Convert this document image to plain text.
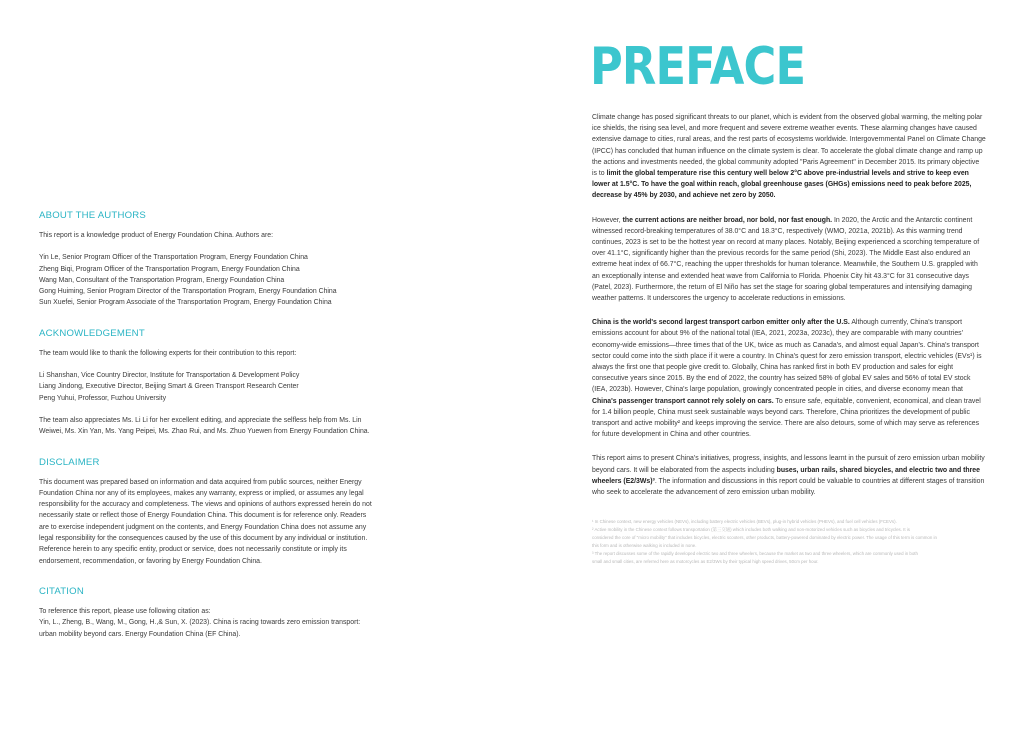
ABOUT THE AUTHORS

This report is a knowledge product of Energy Foundation China. Authors are:

Yin Le, Senior Program Officer of the Transportation Program, Energy Foundation China

Zheng Biqi, Program Officer of the Transportation Program, Energy Foundation China

Wang Man, Consultant of the Transportation Program, Energy Foundation China

Gong Huiming, Senior Program Director of the Transportation Program, Energy Foundation China

Sun Xuefei, Senior Program Associate of the Transportation Program, Energy Foundation China

ACKNOWLEDGEMENT

The team would like to thank the following experts for their contribution to this report:

Li Shanshan, Vice Country Director, Institute for Transportation & Development Policy

Liang Jindong, Executive Director, Beijing Smart & Green Transport Research Center

Peng Yuhui, Professor, Fuzhou University

The team also appreciates Ms. Li Li for her excellent editing, and appreciate the selfless help from Ms. Lin

Weiwei, Ms. Xin Yan, Ms. Yang Peipei, Ms. Zhao Rui, and Ms. Zhuo Yuewen from Energy Foundation China.

DISCLAIMER

This document was prepared based on information and data acquired from public sources, neither Energy

Foundation China nor any of its employees, makes any warranty, express or implied, or assumes any legal

responsibility for the accuracy and completeness. The views and opinions of authors expressed herein do not

necessarily state or reflect those of Energy Foundation China. This document is for reference only. Readers

are to exercise independent judgment on the contents, and Energy Foundation China does not assume any

legal responsibility for the consequences caused by the use of this document by any individual or institution.

Reference herein to any specific entity, product or service, does not necessarily constitute or imply its

endorsement, recommendation, or favoring by Energy Foundation China.

CITATION

To reference this report, please use following citation as:

Yin, L., Zheng, B., Wang, M., Gong, H.,& Sun, X. (2023). China is racing towards zero emission transport:

urban mobility beyond cars. Energy Foundation China (EF China).

PREFACE

Climate change has posed significant threats to our planet, which is evident from the observed global warming, the melting polar ice shields, the rising sea level, and more frequent and severe extreme weather events. These alarming changes have caused extensive damage to cities, rural areas, and the rest parts of ecosystems worldwide. Intergovernmental Panel on Climate Change (IPCC) has concluded that human influence on the climate system is clear. To accelerate the global climate change and ramp up the actions and investments needed, the global community adopted "Paris Agreement" in December 2015. Its primary objective is to limit the global temperature rise this century well below 2°C above pre-industrial levels and strive to keep even lower at 1.5°C. To have the goal within reach, global greenhouse gases (GHGs) emissions need to peak before 2025, decrease by 45% by 2030, and achieve net zero by 2050.

However, the current actions are neither broad, nor bold, nor fast enough. In 2020, the Arctic and the Antarctic continent witnessed record-breaking temperatures of 38.0°C and 18.3°C, respectively (WMO, 2021a, 2021b). As this warming trend continues, 2023 is set to be the hottest year on record at many places. Notably, Beijing experienced a scorching temperature of over 41.1°C, significantly higher than the previous records for the same period (Shi, 2023). The Middle East also endured an extreme heat index of 66.7°C, reaching the upper thresholds for human tolerance. Meanwhile, the Southern U.S. grappled with an exceptionally intense and extended heat wave from California to Florida. Phoenix City hit 43.3°C for 31 consecutive days (Patel, 2023). Furthermore, the return of El Niño has set the stage for soaring global temperatures and intensifying damaging weather patterns. It underscores the urgency to accelerate reductions in emissions.

China is the world's second largest transport carbon emitter only after the U.S. Although currently, China's transport emissions account for about 9% of the national total (IEA, 2021, 2023a, 2023c), they are comparable with many countries' economy-wide emissions—three times that of the UK, twice as much as Canada's, and almost equal Japan's. China's transport sector could come into the sixth place if it were a country. In China's quest for zero emission transport, electric vehicles (EVs¹) is always the first one that people give credit to. Globally, China has ranked first in both EV production and sales for eight consecutive years since 2015. By the end of 2022, the country has seized 58% of global EV sales and 56% of total EV stock (IEA, 2023b). However, China's large population, growingly concentrated people in cities, and diverse economy mean that China's passenger transport cannot rely solely on cars. To ensure safe, equitable, convenient, economical, and clean travel for 1.4 billion people, China must seek sustainable ways beyond cars. Therefore, China prioritizes the development of public transport and active mobility² and keeps improving the service. There are also detours, some of which may serve as references for future development in China and other countries.

This report aims to present China's initiatives, progress, insights, and lessons learnt in the pursuit of zero emission urban mobility beyond cars. It will be elaborated from the aspects including buses, urban rails, shared bicycles, and electric two and three wheelers (E2/3Ws)³. The information and discussions in this report could be valuable to countries at different stages of transition who seek to accelerate the advancement of zero emission urban mobility.

¹ In Chinese context, new energy vehicles (NEVs), including battery electric vehicles (BEVs), plug-in hybrid vehicles (PHEVs), and fuel cell vehicles (FCEVs).

² Active mobility in the Chinese context follows transportation (第三交通) which includes both walking and non-motorized vehicles such as bicycles and tricycles. It is

considered the core of "micro mobility" that includes bicycles, electric scooters, other products, battery-powered dominated by electric power. The usage of this term is common in

this form and is otherwise walking is included in none.

³ The report discusses some of the rapidly developed electric two and three wheelers, because the market as two and three wheelers, which are commonly used in both

small and small cities, are referred here as motorcycles as E2/3Ws by their typical high speed drives, 50cm per hour.
